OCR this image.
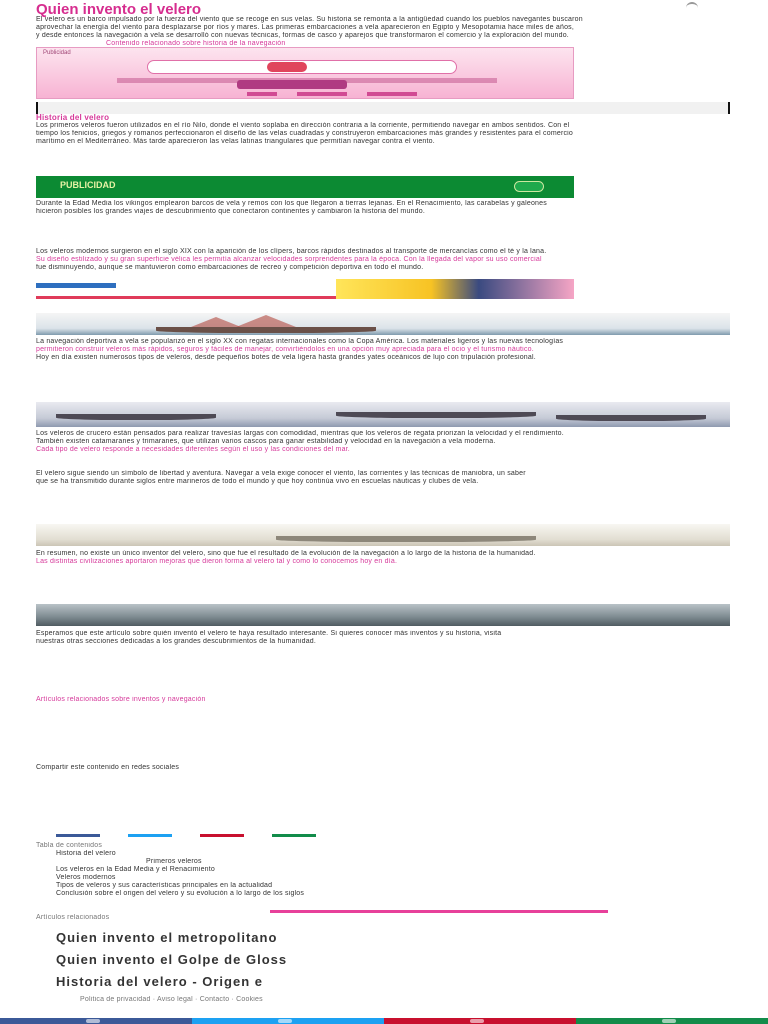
Quien invento el velero
El velero es un barco impulsado por la fuerza del viento que se recoge en sus velas. Su historia se remonta a la antigüedad cuando los pueblos navegantes buscaron
aprovechar la energía del viento para desplazarse por ríos y mares. Las primeras embarcaciones a vela aparecieron en Egipto y Mesopotamia hace miles de años,
y desde entonces la navegación a vela se desarrolló con nuevas técnicas, formas de casco y aparejos que transformaron el comercio y la exploración del mundo.
Contenido relacionado sobre historia de la navegación
Publicidad
Historia del velero
Los primeros veleros fueron utilizados en el río Nilo, donde el viento soplaba en dirección contraria a la corriente, permitiendo navegar en ambos sentidos. Con el
tiempo los fenicios, griegos y romanos perfeccionaron el diseño de las velas cuadradas y construyeron embarcaciones más grandes y resistentes para el comercio
marítimo en el Mediterráneo. Más tarde aparecieron las velas latinas triangulares que permitían navegar contra el viento.
PUBLICIDAD
Durante la Edad Media los vikingos emplearon barcos de vela y remos con los que llegaron a tierras lejanas. En el Renacimiento, las carabelas y galeones
hicieron posibles los grandes viajes de descubrimiento que conectaron continentes y cambiaron la historia del mundo.
Los veleros modernos surgieron en el siglo XIX con la aparición de los clípers, barcos rápidos destinados al transporte de mercancías como el té y la lana.
Su diseño estilizado y su gran superficie vélica les permitía alcanzar velocidades sorprendentes para la época. Con la llegada del vapor su uso comercial
fue disminuyendo, aunque se mantuvieron como embarcaciones de recreo y competición deportiva en todo el mundo.
La navegación deportiva a vela se popularizó en el siglo XX con regatas internacionales como la Copa América. Los materiales ligeros y las nuevas tecnologías
permitieron construir veleros más rápidos, seguros y fáciles de manejar, convirtiéndolos en una opción muy apreciada para el ocio y el turismo náutico.
Hoy en día existen numerosos tipos de veleros, desde pequeños botes de vela ligera hasta grandes yates oceánicos de lujo con tripulación profesional.
Los veleros de crucero están pensados para realizar travesías largas con comodidad, mientras que los veleros de regata priorizan la velocidad y el rendimiento.
También existen catamaranes y trimaranes, que utilizan varios cascos para ganar estabilidad y velocidad en la navegación a vela moderna.
Cada tipo de velero responde a necesidades diferentes según el uso y las condiciones del mar.
El velero sigue siendo un símbolo de libertad y aventura. Navegar a vela exige conocer el viento, las corrientes y las técnicas de maniobra, un saber
que se ha transmitido durante siglos entre marineros de todo el mundo y que hoy continúa vivo en escuelas náuticas y clubes de vela.
En resumen, no existe un único inventor del velero, sino que fue el resultado de la evolución de la navegación a lo largo de la historia de la humanidad.
Las distintas civilizaciones aportaron mejoras que dieron forma al velero tal y como lo conocemos hoy en día.
Esperamos que este artículo sobre quién inventó el velero te haya resultado interesante. Si quieres conocer más inventos y su historia, visita
nuestras otras secciones dedicadas a los grandes descubrimientos de la humanidad.
Artículos relacionados sobre inventos y navegación
Compartir este contenido en redes sociales
Tabla de contenidos
Historia del velero
Primeros veleros
Los veleros en la Edad Media y el Renacimiento
Veleros modernos
Tipos de veleros y sus características principales en la actualidad
Conclusión sobre el origen del velero y su evolución a lo largo de los siglos
Artículos relacionados
Quien invento el metropolitano
Quien invento el Golpe de Gloss
Historia del velero - Origen e
Politica de privacidad · Aviso legal · Contacto · Cookies
